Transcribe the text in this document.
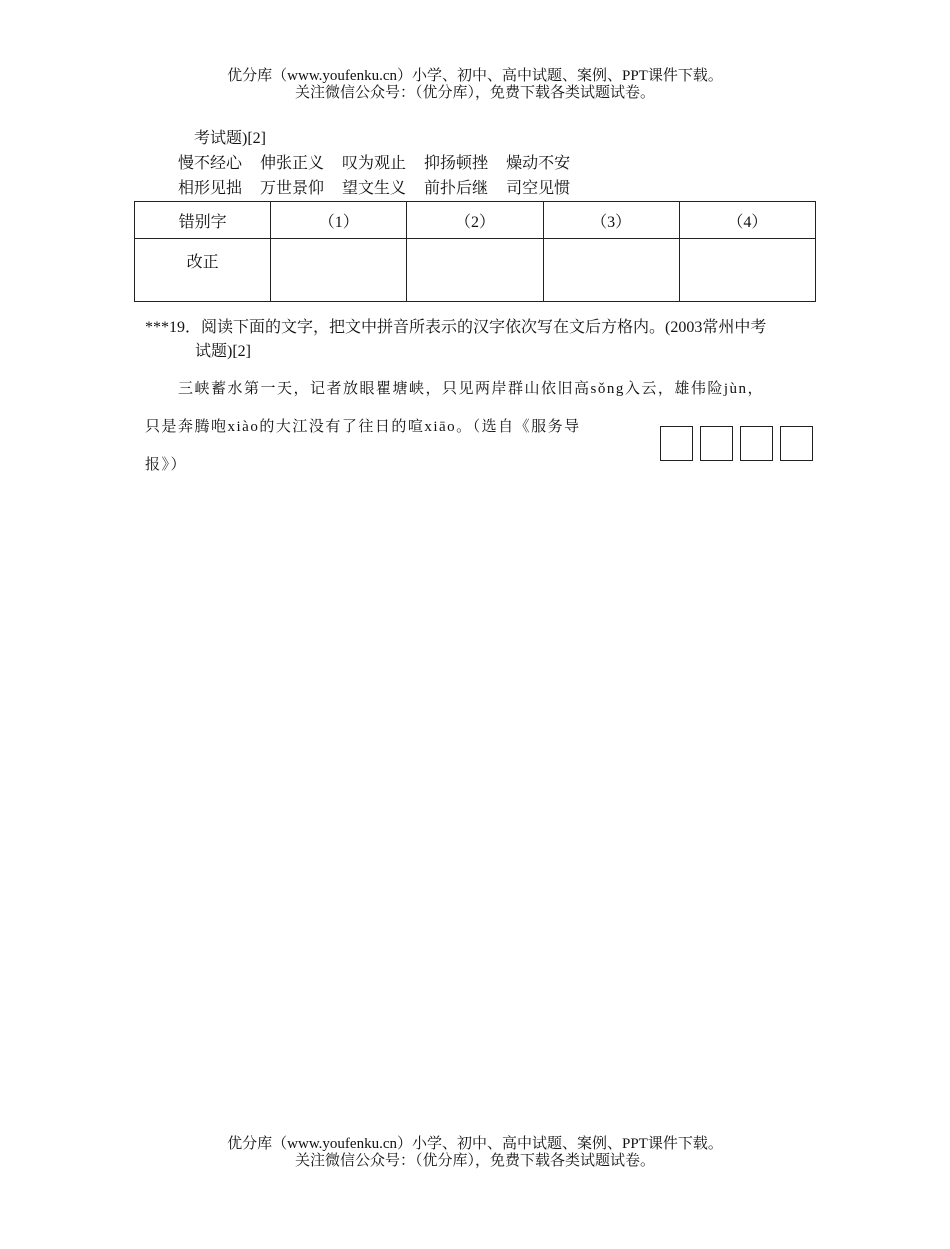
优分库（www.youfenku.cn）小学、初中、高中试题、案例、PPT课件下载。
关注微信公众号：（优分库），免费下载各类试题试卷。
考试题)[2]
慢不经心 伸张正义 叹为观止 抑扬顿挫 燥动不安
相形见拙 万世景仰 望文生义 前扑后继 司空见惯
错别字	（1）	（2）	（3）	（4）
改正				
***19．阅读下面的文字，把文中拼音所表示的汉字依次写在文后方格内。(2003常州中考
试题)[2]
三峡蓄水第一天，记者放眼瞿塘峡，只见两岸群山依旧高sǒng入云，雄伟险jùn，
只是奔腾咆xiào的大江没有了往日的喧xiāo。（选自《服务导
报》）
优分库（www.youfenku.cn）小学、初中、高中试题、案例、PPT课件下载。
关注微信公众号：（优分库），免费下载各类试题试卷。
